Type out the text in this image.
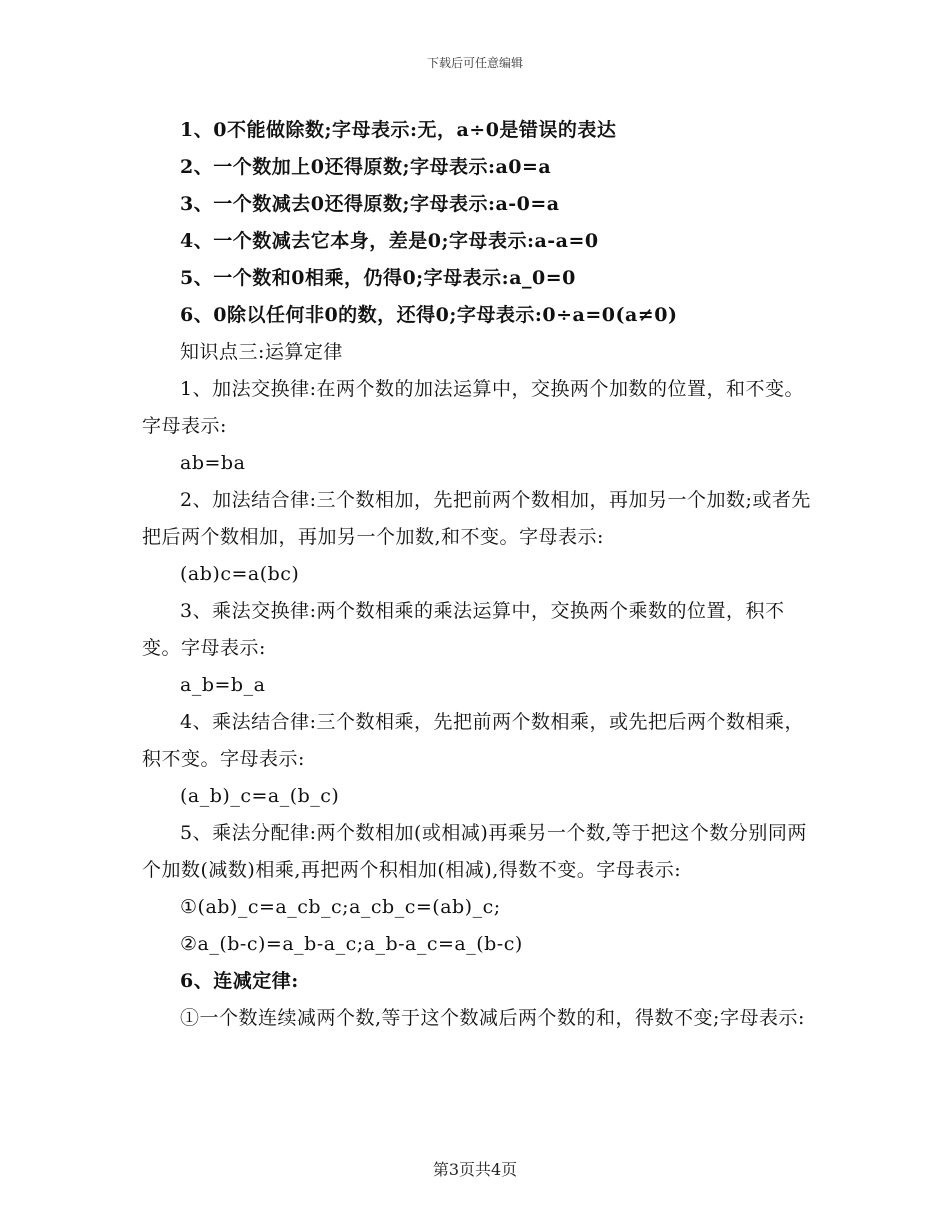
下载后可任意编辑

1、0不能做除数;字母表示:无，a÷0是错误的表达

2、一个数加上0还得原数;字母表示:a0=a

3、一个数减去0还得原数;字母表示:a-0=a

4、一个数减去它本身，差是0;字母表示:a-a=0

5、一个数和0相乘，仍得0;字母表示:a_0=0

6、0除以任何非0的数，还得0;字母表示:0÷a=0(a≠0)

知识点三:运算定律

1、加法交换律:在两个数的加法运算中，交换两个加数的位置，和不变。字母表示:

ab=ba

2、加法结合律:三个数相加，先把前两个数相加，再加另一个加数;或者先把后两个数相加，再加另一个加数,和不变。字母表示:

(ab)c=a(bc)

3、乘法交换律:两个数相乘的乘法运算中，交换两个乘数的位置，积不变。字母表示:

a_b=b_a

4、乘法结合律:三个数相乘，先把前两个数相乘，或先把后两个数相乘，积不变。字母表示:

(a_b)_c=a_(b_c)

5、乘法分配律:两个数相加(或相减)再乘另一个数,等于把这个数分别同两个加数(减数)相乘,再把两个积相加(相减),得数不变。字母表示:

①(ab)_c=a_cb_c;a_cb_c=(ab)_c;

②a_(b-c)=a_b-a_c;a_b-a_c=a_(b-c)

6、连减定律:

①一个数连续减两个数,等于这个数减后两个数的和，得数不变;字母表示:

第3页共4页
